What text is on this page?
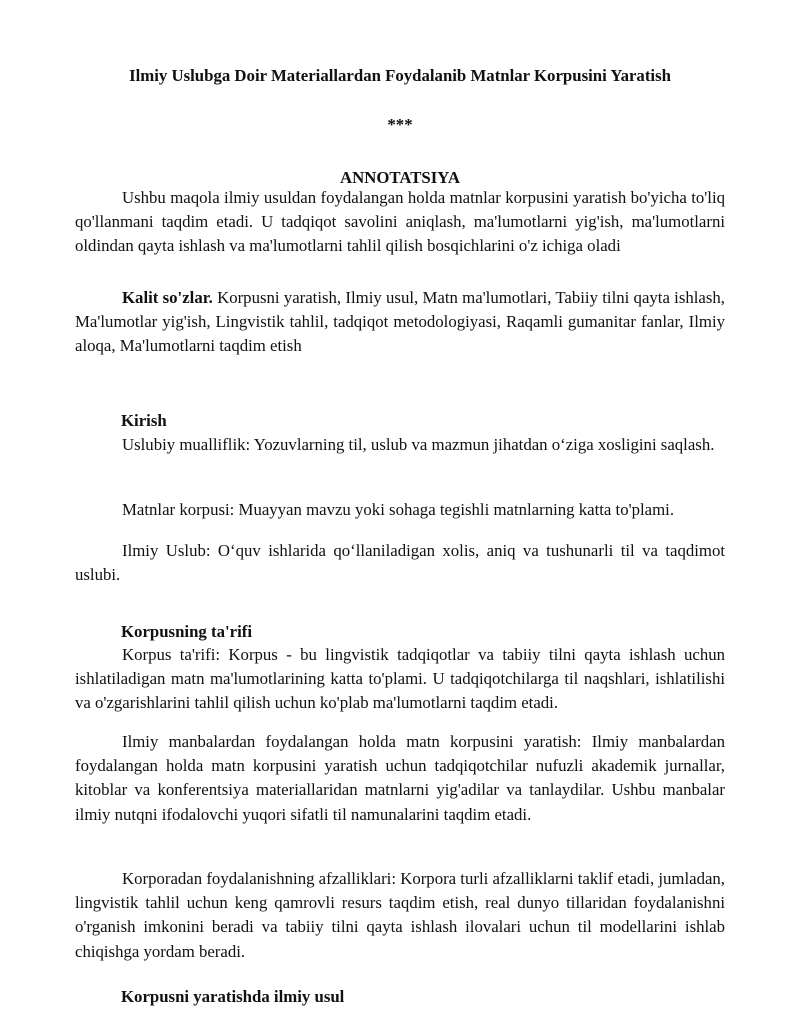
Ilmiy Uslubga Doir Materiallardan Foydalanib Matnlar Korpusini Yaratish
***
ANNOTATSIYA
Ushbu maqola ilmiy usuldan foydalangan holda matnlar korpusini yaratish bo'yicha to'liq qo'llanmani taqdim etadi. U tadqiqot savolini aniqlash, ma'lumotlarni yig'ish, ma'lumotlarni oldindan qayta ishlash va ma'lumotlarni tahlil qilish bosqichlarini o'z ichiga oladi
Kalit so'zlar. Korpusni yaratish, Ilmiy usul, Matn ma'lumotlari, Tabiiy tilni qayta ishlash, Ma'lumotlar yig'ish, Lingvistik tahlil, tadqiqot metodologiyasi, Raqamli gumanitar fanlar, Ilmiy aloqa, Ma'lumotlarni taqdim etish
Kirish
Uslubiy mualliflik: Yozuvlarning til, uslub va mazmun jihatdan o‘ziga xosligini saqlash.
Matnlar korpusi: Muayyan mavzu yoki sohaga tegishli matnlarning katta to'plami.
Ilmiy Uslub: O‘quv ishlarida qo‘llaniladigan xolis, aniq va tushunarli til va taqdimot uslubi.
Korpusning ta'rifi
Korpus ta'rifi: Korpus - bu lingvistik tadqiqotlar va tabiiy tilni qayta ishlash uchun ishlatiladigan matn ma'lumotlarining katta to'plami. U tadqiqotchilarga til naqshlari, ishlatilishi va o'zgarishlarini tahlil qilish uchun ko'plab ma'lumotlarni taqdim etadi.
Ilmiy manbalardan foydalangan holda matn korpusini yaratish: Ilmiy manbalardan foydalangan holda matn korpusini yaratish uchun tadqiqotchilar nufuzli akademik jurnallar, kitoblar va konferentsiya materiallaridan matnlarni yig'adilar va tanlaydilar. Ushbu manbalar ilmiy nutqni ifodalovchi yuqori sifatli til namunalarini taqdim etadi.
Korporadan foydalanishning afzalliklari: Korpora turli afzalliklarni taklif etadi, jumladan, lingvistik tahlil uchun keng qamrovli resurs taqdim etish, real dunyo tillaridan foydalanishni o'rganish imkonini beradi va tabiiy tilni qayta ishlash ilovalari uchun til modellarini ishlab chiqishga yordam beradi.
Korpusni yaratishda ilmiy usul
